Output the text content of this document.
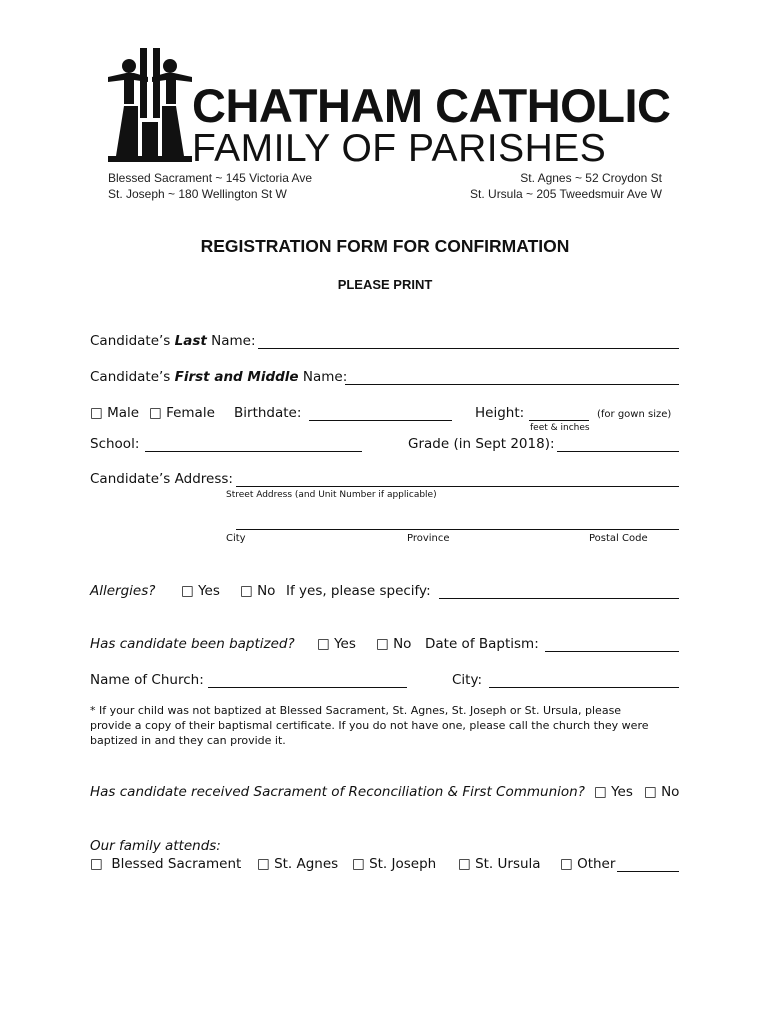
CHATHAM CATHOLIC
FAMILY OF PARISHES
Blessed Sacrament ~ 145 Victoria Ave
St. Joseph ~ 180 Wellington St W
St. Agnes ~ 52 Croydon St
St. Ursula ~ 205 Tweedsmuir Ave W
REGISTRATION FORM FOR CONFIRMATION
PLEASE PRINT
Candidate’s Last Name:
Candidate’s First and Middle Name:
□ Male □ Female Birthdate:	Height:	(for gown size)
feet & inches
School:	Grade (in Sept 2018):
Candidate’s Address:
Street Address (and Unit Number if applicable)
City	Province	Postal Code
Allergies? □ Yes □ No If yes, please specify:
Has candidate been baptized? □ Yes □ No Date of Baptism:
Name of Church:	City:
* If your child was not baptized at Blessed Sacrament, St. Agnes, St. Joseph or St. Ursula, please
provide a copy of their baptismal certificate. If you do not have one, please call the church they were
baptized in and they can provide it.
Has candidate received Sacrament of Reconciliation & First Communion? □ Yes □ No
Our family attends:
□ Blessed Sacrament □ St. Agnes □ St. Joseph □ St. Ursula □ Other
